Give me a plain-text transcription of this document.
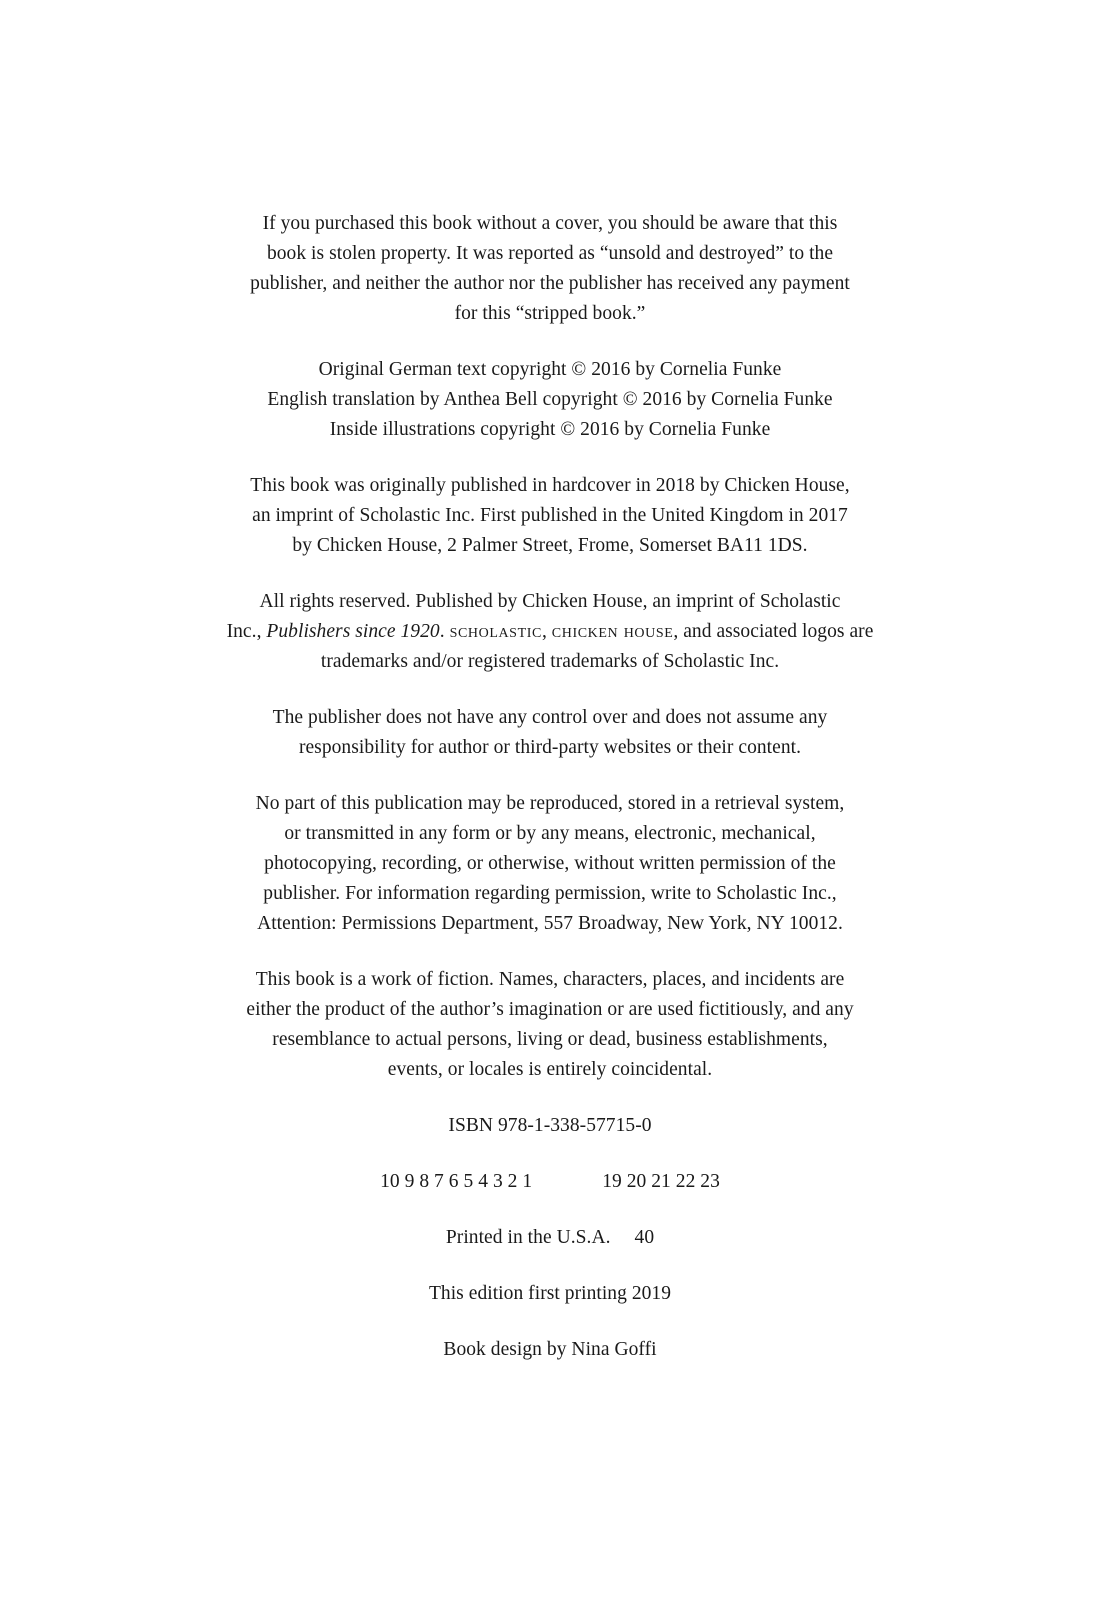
If you purchased this book without a cover, you should be aware that this
book is stolen property. It was reported as “unsold and destroyed” to the
publisher, and neither the author nor the publisher has received any payment
for this “stripped book.”
Original German text copyright © 2016 by Cornelia Funke
English translation by Anthea Bell copyright © 2016 by Cornelia Funke
Inside illustrations copyright © 2016 by Cornelia Funke
This book was originally published in hardcover in 2018 by Chicken House,
an imprint of Scholastic Inc. First published in the United Kingdom in 2017
by Chicken House, 2 Palmer Street, Frome, Somerset BA11 1DS.
All rights reserved. Published by Chicken House, an imprint of Scholastic
Inc., Publishers since 1920. scholastic, chicken house, and associated logos are
trademarks and/or registered trademarks of Scholastic Inc.
The publisher does not have any control over and does not assume any
responsibility for author or third-party websites or their content.
No part of this publication may be reproduced, stored in a retrieval system,
or transmitted in any form or by any means, electronic, mechanical,
photocopying, recording, or otherwise, without written permission of the
publisher. For information regarding permission, write to Scholastic Inc.,
Attention: Permissions Department, 557 Broadway, New York, NY 10012.
This book is a work of fiction. Names, characters, places, and incidents are
either the product of the author’s imagination or are used fictitiously, and any
resemblance to actual persons, living or dead, business establishments,
events, or locales is entirely coincidental.
ISBN 978-1-338-57715-0
10 9 8 7 6 5 4 3 2 1	19 20 21 22 23
Printed in the U.S.A. 40
This edition first printing 2019
Book design by Nina Goffi
